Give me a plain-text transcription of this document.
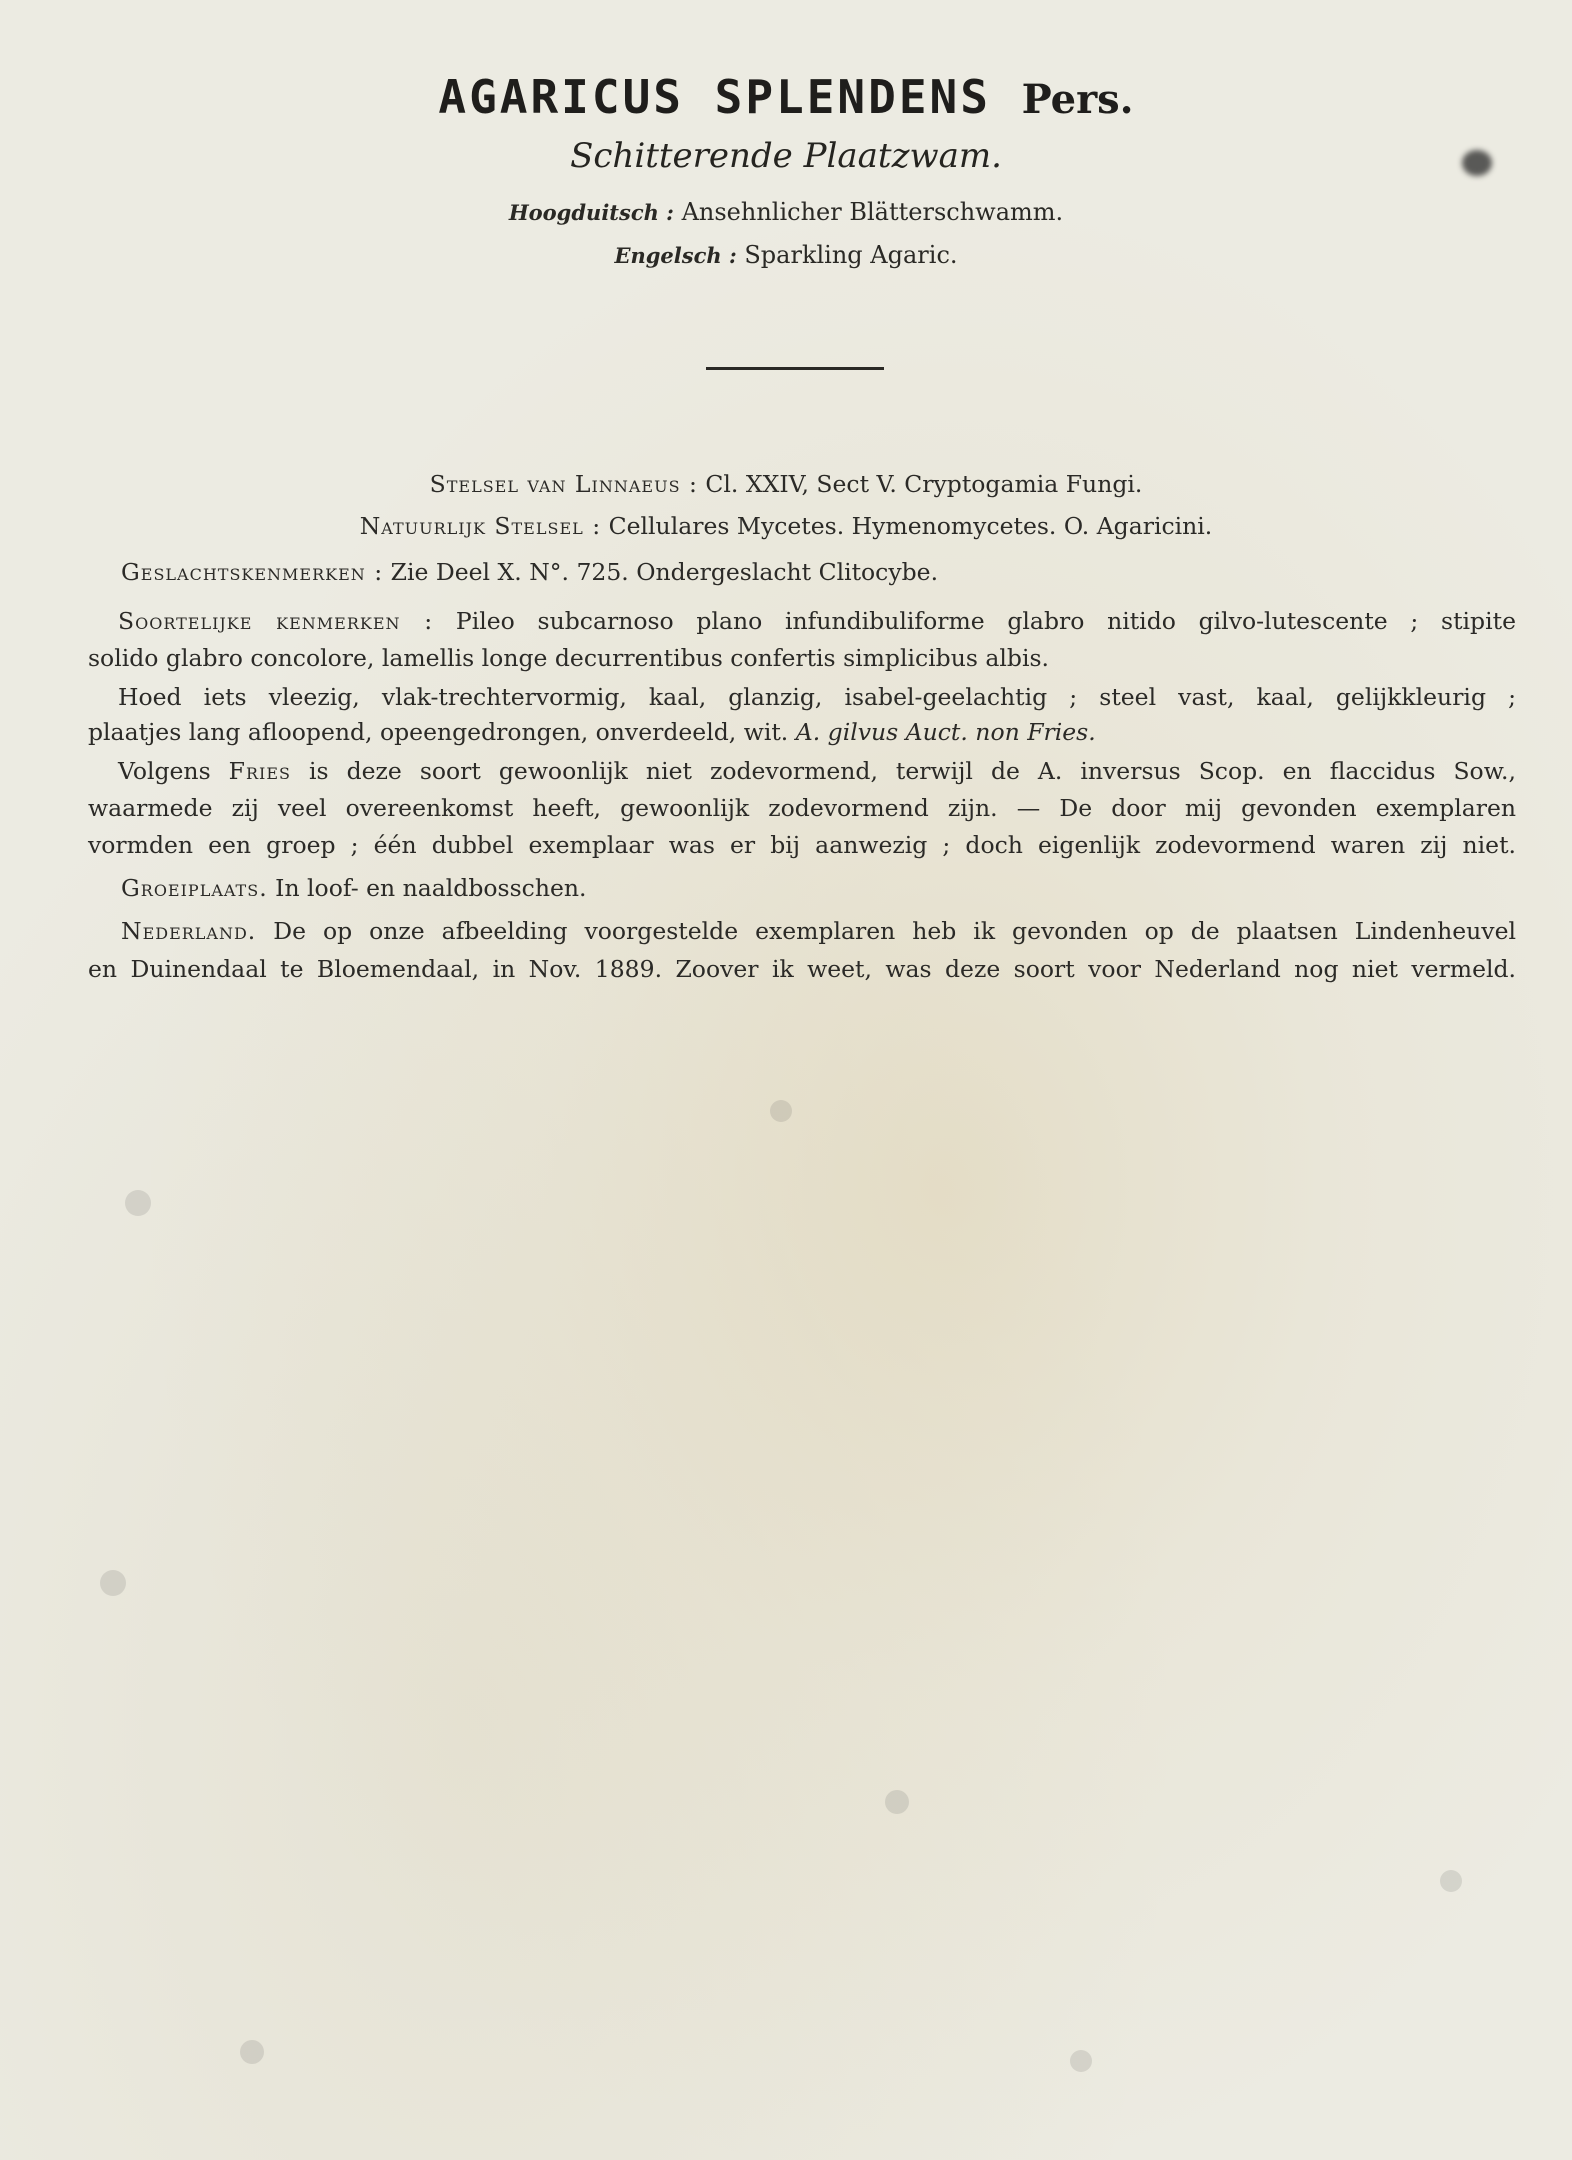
AGARICUS SPLENDENS Pers.
Schitterende Plaatzwam.
Hoogduitsch : Ansehnlicher Blätterschwamm.
Engelsch : Sparkling Agaric.
Stelsel van Linnaeus : Cl. XXIV, Sect V. Cryptogamia Fungi.
Natuurlijk Stelsel : Cellulares Mycetes. Hymenomycetes. O. Agaricini.
Geslachtskenmerken : Zie Deel X. N°. 725. Ondergeslacht Clitocybe.
Soortelijke kenmerken : Pileo subcarnoso plano infundibuliforme glabro nitido gilvo-lutescente ; stipite
solido glabro concolore, lamellis longe decurrentibus confertis simplicibus albis.
Hoed iets vleezig, vlak-trechtervormig, kaal, glanzig, isabel-geelachtig ; steel vast, kaal, gelijkkleurig ;
plaatjes lang afloopend, opeengedrongen, onverdeeld, wit. A. gilvus Auct. non Fries.
Volgens Fries is deze soort gewoonlijk niet zodevormend, terwijl de A. inversus Scop. en flaccidus Sow.,
waarmede zij veel overeenkomst heeft, gewoonlijk zodevormend zijn. — De door mij gevonden exemplaren
vormden een groep ; één dubbel exemplaar was er bij aanwezig ; doch eigenlijk zodevormend waren zij niet.
Groeiplaats. In loof- en naaldbosschen.
Nederland. De op onze afbeelding voorgestelde exemplaren heb ik gevonden op de plaatsen Lindenheuvel
en Duinendaal te Bloemendaal, in Nov. 1889. Zoover ik weet, was deze soort voor Nederland nog niet vermeld.
